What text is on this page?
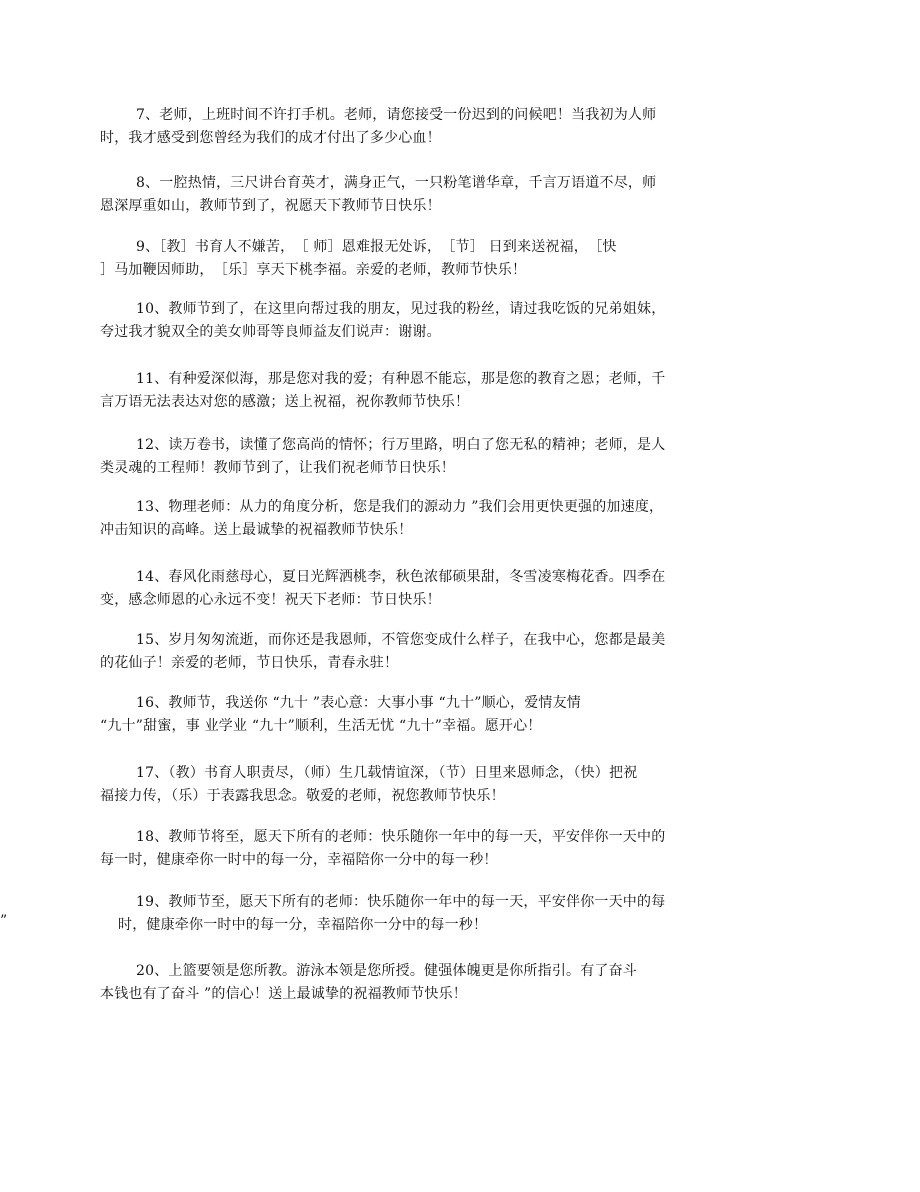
7、老师，上班时间不许打手机。老师，请您接受一份迟到的问候吧！当我初为人师
时，我才感受到您曾经为我们的成才付出了多少心血！
8、一腔热情，三尺讲台育英才，满身正气，一只粉笔谱华章，千言万语道不尽，师
恩深厚重如山，教师节到了，祝愿天下教师节日快乐！
9、［教］书育人不嫌苦，　［ 师］恩难报无处诉，　［节］ 日到来送祝福，　［快
］马加鞭因师助，　［乐］享天下桃李福。亲爱的老师，教师节快乐！
10、教师节到了，在这里向帮过我的朋友，见过我的粉丝，请过我吃饭的兄弟姐妹，
夸过我才貌双全的美女帅哥等良师益友们说声：谢谢。
11、有种爱深似海，那是您对我的爱；有种恩不能忘，那是您的教育之恩；老师，千
言万语无法表达对您的感激；送上祝福，祝你教师节快乐！
12、读万卷书，读懂了您高尚的情怀；行万里路，明白了您无私的精神；老师，是人
类灵魂的工程师！教师节到了，让我们祝老师节日快乐！
13、物理老师：从力的角度分析，您是我们的源动力 ”我们会用更快更强的加速度，
冲击知识的高峰。送上最诚挚的祝福教师节快乐！
14、春风化雨慈母心，夏日光辉洒桃李，秋色浓郁硕果甜，冬雪凌寒梅花香。四季在
变，感念师恩的心永远不变！祝天下老师：节日快乐！
15、岁月匆匆流逝，而你还是我恩师，不管您变成什么样子，在我中心，您都是最美
的花仙子！亲爱的老师，节日快乐，青春永驻！
16、教师节，我送你 “九十 ”表心意：大事小事 “九十”顺心，爱情友情
“九十”甜蜜，事 业学业 “九十”顺利，生活无忧 “九十”幸福。愿开心！
17、（教）书育人职责尽，（师）生几载情谊深，（节）日里来恩师念，（快）把祝
福接力传，（乐）于表露我思念。敬爱的老师，祝您教师节快乐！
18、教师节将至，愿天下所有的老师：快乐随你一年中的每一天，平安伴你一天中的
每一时，健康牵你一时中的每一分，幸福陪你一分中的每一秒！
19、教师节至，愿天下所有的老师：快乐随你一年中的每一天，平安伴你一天中的每
时，健康牵你一时中的每一分，幸福陪你一分中的每一秒！
”
20、上篮要领是您所教。游泳本领是您所授。健强体魄更是你所指引。有了奋斗
本钱也有了奋斗 ”的信心！送上最诚挚的祝福教师节快乐！
